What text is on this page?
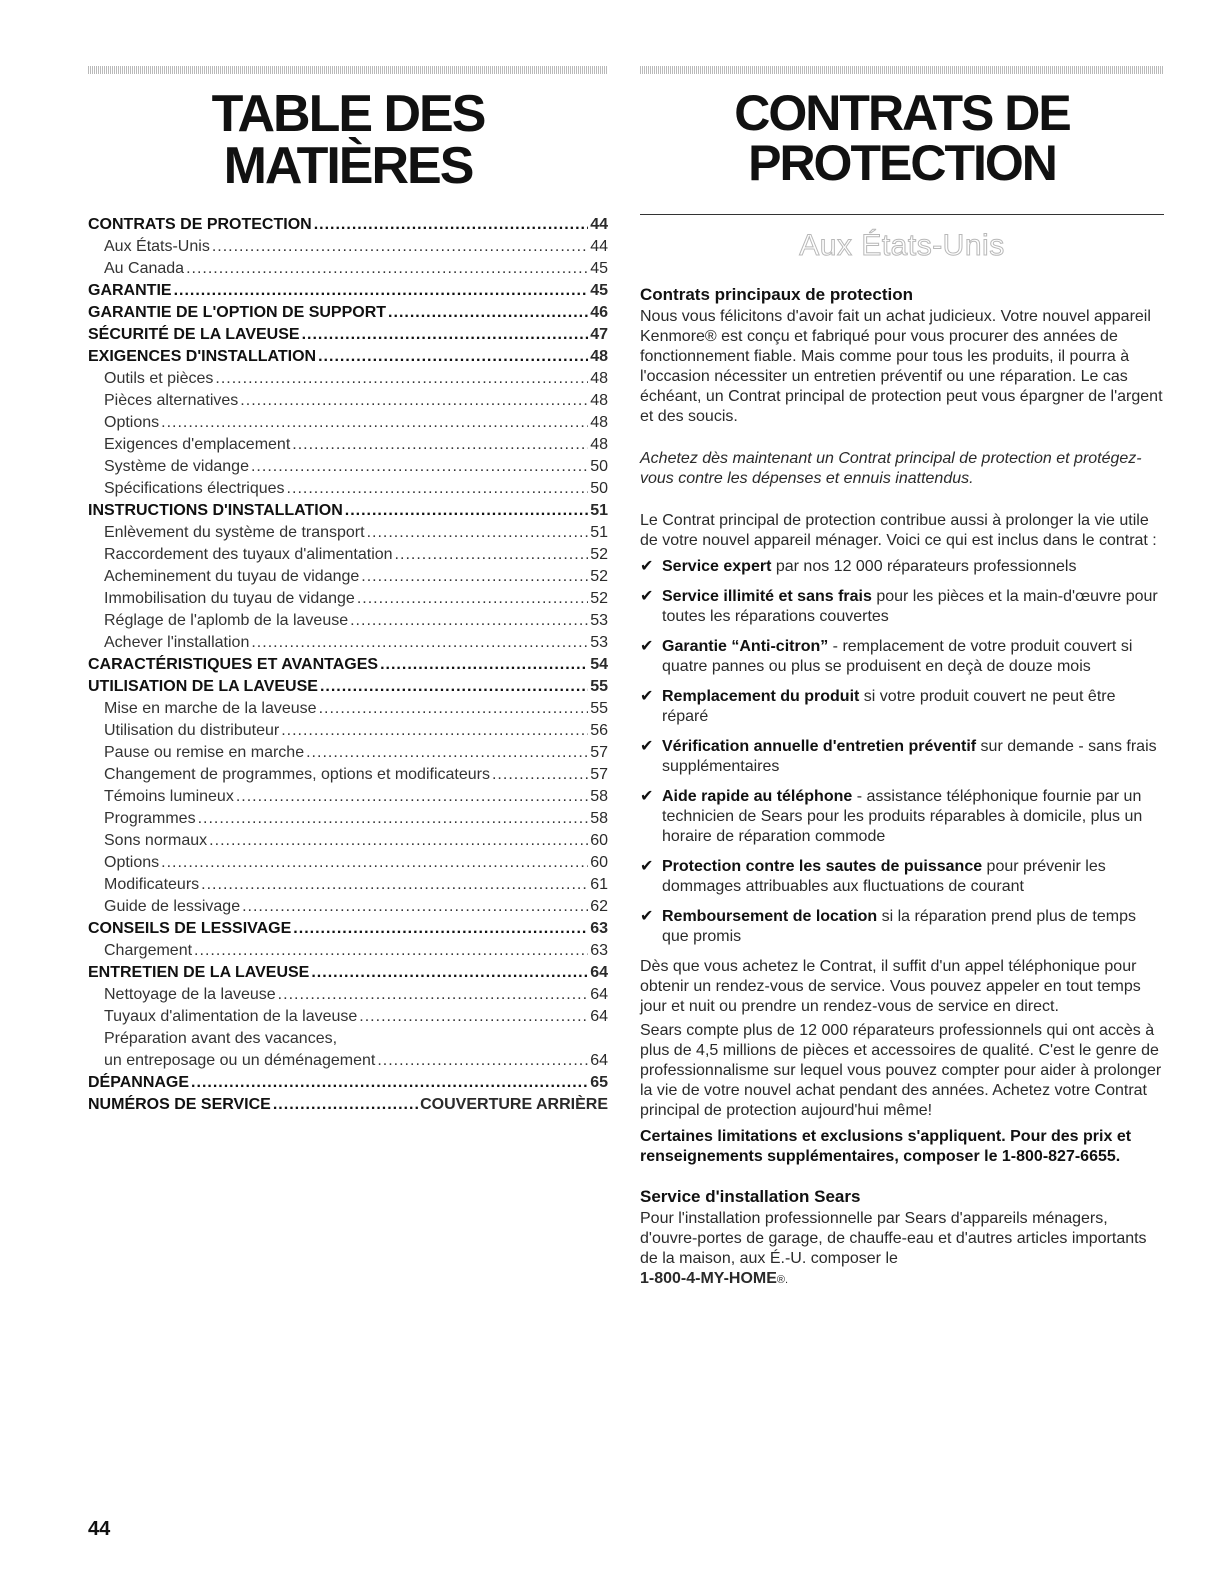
TABLE DES MATIÈRES
CONTRATS DE PROTECTION .....	44
Aux États-Unis .....	44
Au Canada .....	45
GARANTIE .....	45
GARANTIE DE L'OPTION DE SUPPORT .....	46
SÉCURITÉ DE LA LAVEUSE .....	47
EXIGENCES D'INSTALLATION .....	48
Outils et pièces .....	48
Pièces alternatives .....	48
Options .....	48
Exigences d'emplacement .....	48
Système de vidange .....	50
Spécifications électriques .....	50
INSTRUCTIONS D'INSTALLATION .....	51
Enlèvement du système de transport .....	51
Raccordement des tuyaux d'alimentation .....	52
Acheminement du tuyau de vidange .....	52
Immobilisation du tuyau de vidange .....	52
Réglage de l'aplomb de la laveuse .....	53
Achever l'installation .....	53
CARACTÉRISTIQUES ET AVANTAGES .....	54
UTILISATION DE LA LAVEUSE .....	55
Mise en marche de la laveuse .....	55
Utilisation du distributeur .....	56
Pause ou remise en marche .....	57
Changement de programmes, options et modificateurs .....	57
Témoins lumineux .....	58
Programmes .....	58
Sons normaux .....	60
Options .....	60
Modificateurs .....	61
Guide de lessivage .....	62
CONSEILS DE LESSIVAGE .....	63
Chargement .....	63
ENTRETIEN DE LA LAVEUSE .....	64
Nettoyage de la laveuse .....	64
Tuyaux d'alimentation de la laveuse .....	64
Préparation avant des vacances,
un entreposage ou un déménagement .....	64
DÉPANNAGE .....	65
NUMÉROS DE SERVICE .....	COUVERTURE ARRIÈRE
CONTRATS DE
PROTECTION
Aux États-Unis
Contrats principaux de protection

Nous vous félicitons d'avoir fait un achat judicieux. Votre nouvel appareil Kenmore® est conçu et fabriqué pour vous procurer des années de fonctionnement fiable. Mais comme pour tous les produits, il pourra à l'occasion nécessiter un entretien préventif ou une réparation. Le cas échéant, un Contrat principal de protection peut vous épargner de l'argent et des soucis.

Achetez dès maintenant un Contrat principal de protection et protégez-vous contre les dépenses et ennuis inattendus.

Le Contrat principal de protection contribue aussi à prolonger la vie utile de votre nouvel appareil ménager. Voici ce qui est inclus dans le contrat :

✔ Service expert par nos 12 000 réparateurs professionnels
✔ Service illimité et sans frais pour les pièces et la main-d'œuvre pour toutes les réparations couvertes
✔ Garantie “Anti-citron” - remplacement de votre produit couvert si quatre pannes ou plus se produisent en deçà de douze mois
✔ Remplacement du produit si votre produit couvert ne peut être réparé
✔ Vérification annuelle d'entretien préventif sur demande - sans frais supplémentaires
✔ Aide rapide au téléphone - assistance téléphonique fournie par un technicien de Sears pour les produits réparables à domicile, plus un horaire de réparation commode
✔ Protection contre les sautes de puissance pour prévenir les dommages attribuables aux fluctuations de courant
✔ Remboursement de location si la réparation prend plus de temps que promis

Dès que vous achetez le Contrat, il suffit d'un appel téléphonique pour obtenir un rendez-vous de service. Vous pouvez appeler en tout temps jour et nuit ou prendre un rendez-vous de service en direct.

Sears compte plus de 12 000 réparateurs professionnels qui ont accès à plus de 4,5 millions de pièces et accessoires de qualité. C'est le genre de professionnalisme sur lequel vous pouvez compter pour aider à prolonger la vie de votre nouvel achat pendant des années. Achetez votre Contrat principal de protection aujourd'hui même!

Certaines limitations et exclusions s'appliquent. Pour des prix et renseignements supplémentaires, composer le 1-800-827-6655.

Service d'installation Sears

Pour l'installation professionnelle par Sears d'appareils ménagers, d'ouvre-portes de garage, de chauffe-eau et d'autres articles importants de la maison, aux É.-U. composer le
1-800-4-MY-HOME®.

44
